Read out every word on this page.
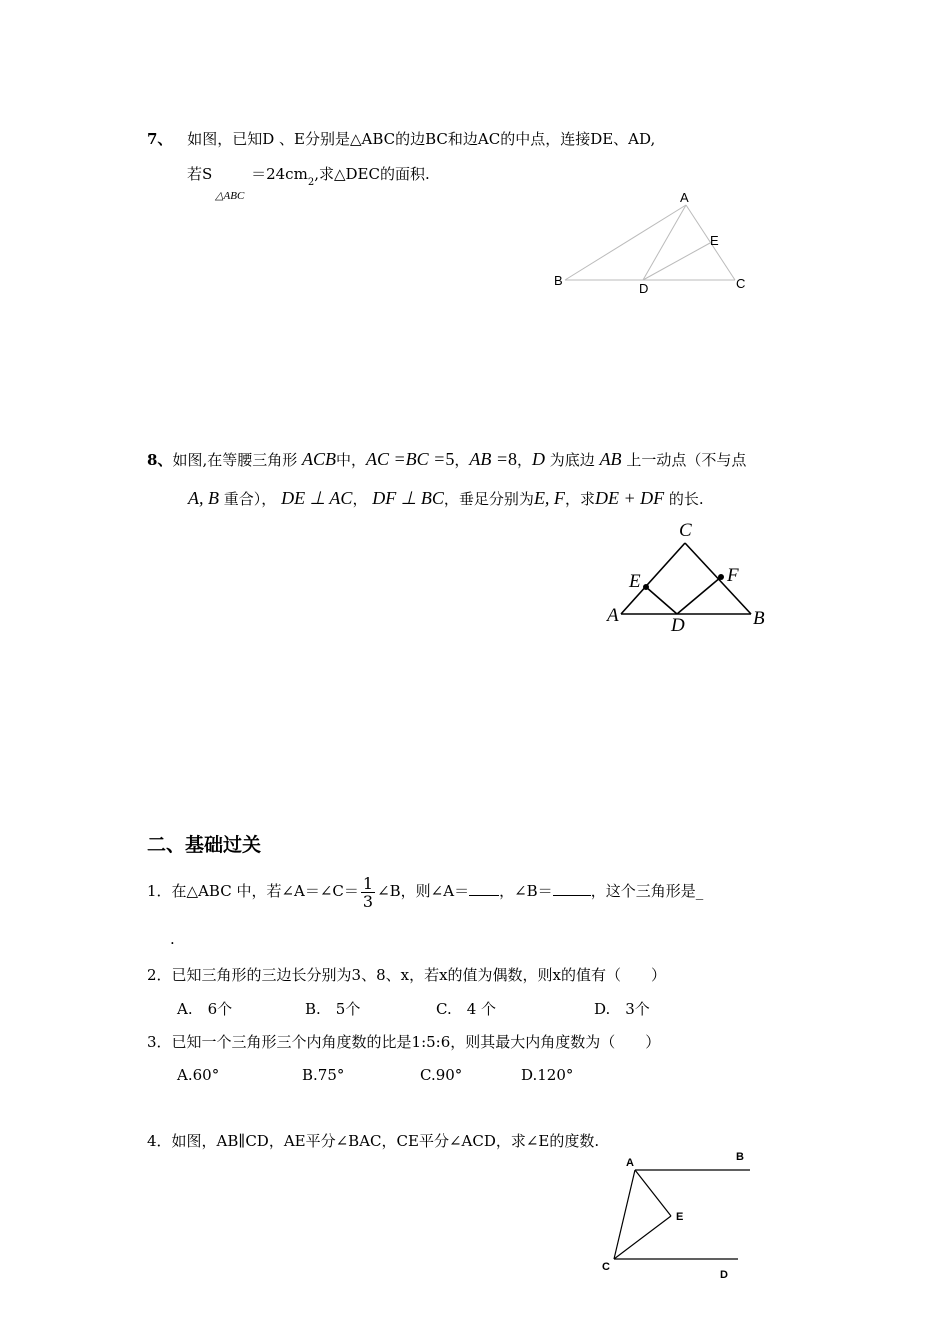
7、 如图，已知D 、E分别是△ABC的边BC和边AC的中点，连接DE、AD,
若S $_{\triangle ABC} =24cm_2$,求△DEC的面积.
A
E
B
D	C
8、如图,在等腰三角形 ACB中，AC =BC =5，AB =8，D 为底边 AB 上一动点（不与点
A, B 重合）， DE ⊥ AC， DF ⊥ BC，垂足分别为E, F，求DE + DF 的长.
C
E	F
A	D	B
二、基础过关
1．在△ABC 中，若∠A＝∠C＝ $\frac{1}{3}$ ∠B，则∠A＝ ，∠B＝	，这个三角形是_
.
2．已知三角形的三边长分别为3、8、x，若x的值为偶数，则x的值有（　　）
A.　6个	B.　5个	C.　4 个	D.　3个
3．已知一个三角形三个内角度数的比是1:5:6，则其最大内角度数为（　　）
A.60°	B.75°	C.90°	D.120°
4．如图，AB∥CD，AE平分∠BAC，CE平分∠ACD，求∠E的度数.
A	B
E
C
D
